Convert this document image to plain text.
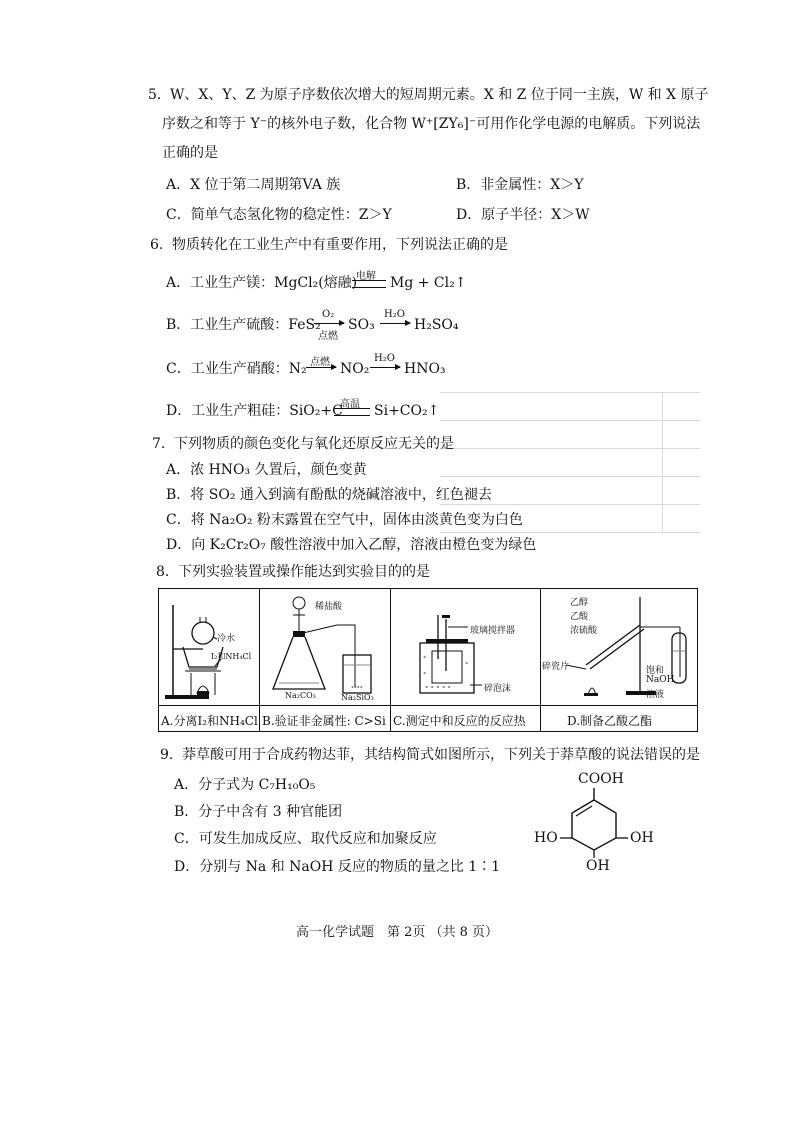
5. W、X、Y、Z 为原子序数依次增大的短周期元素。X 和 Z 位于同一主族，W 和 X 原子
序数之和等于 Y⁻的核外电子数，化合物 W⁺[ZY₆]⁻可用作化学电源的电解质。下列说法
正确的是
A．X 位于第二周期第VA 族	B．非金属性：X＞Y
C．简单气态氢化物的稳定性：Z＞Y	D．原子半径：X＞W
6. 物质转化在工业生产中有重要作用，下列说法正确的是
A．工业生产镁：MgCl₂(熔融)
电解 Mg + Cl₂↑
B．工业生产硫酸：FeS₂
O₂
点燃
SO₃
H₂O
H₂SO₄
C．工业生产硝酸：N₂ 点燃 NO₂
H₂O
HNO₃
D．工业生产粗硅：SiO₂+C
高温 Si+CO₂↑
7. 下列物质的颜色变化与氧化还原反应无关的是
A．浓 HNO₃ 久置后，颜色变黄
B．将 SO₂ 通入到滴有酚酞的烧碱溶液中，红色褪去
C．将 Na₂O₂ 粉末露置在空气中，固体由淡黄色变为白色
D．向 K₂Cr₂O₇ 酸性溶液中加入乙醇，溶液由橙色变为绿色
8. 下列实验装置或操作能达到实验目的的是
冷水
I₂和NH₄Cl
∘∘∘∘
稀盐酸
Na₂CO₃	Na₂SiO₃
∘
∘
∘
∘ ∘ ∘ ∘ ∘
玻璃搅拌器
碎泡沫
乙醇
乙酸
浓硫酸
碎瓷片	饱和
NaOH
溶液
A.分离I₂和NH₄Cl B.验证非金属性: C>Si C.测定中和反应的反应热	D.制备乙酸乙酯
9. 莽草酸可用于合成药物达菲，其结构简式如图所示，下列关于莽草酸的说法错误的是
A．分子式为 C₇H₁₀O₅
B．分子中含有 3 种官能团
C．可发生加成反应、取代反应和加聚反应
D．分别与 Na 和 NaOH 反应的物质的量之比 1∶1
COOH
HO	OH
OH
高一化学试题　第 2页 （共 8 页）
